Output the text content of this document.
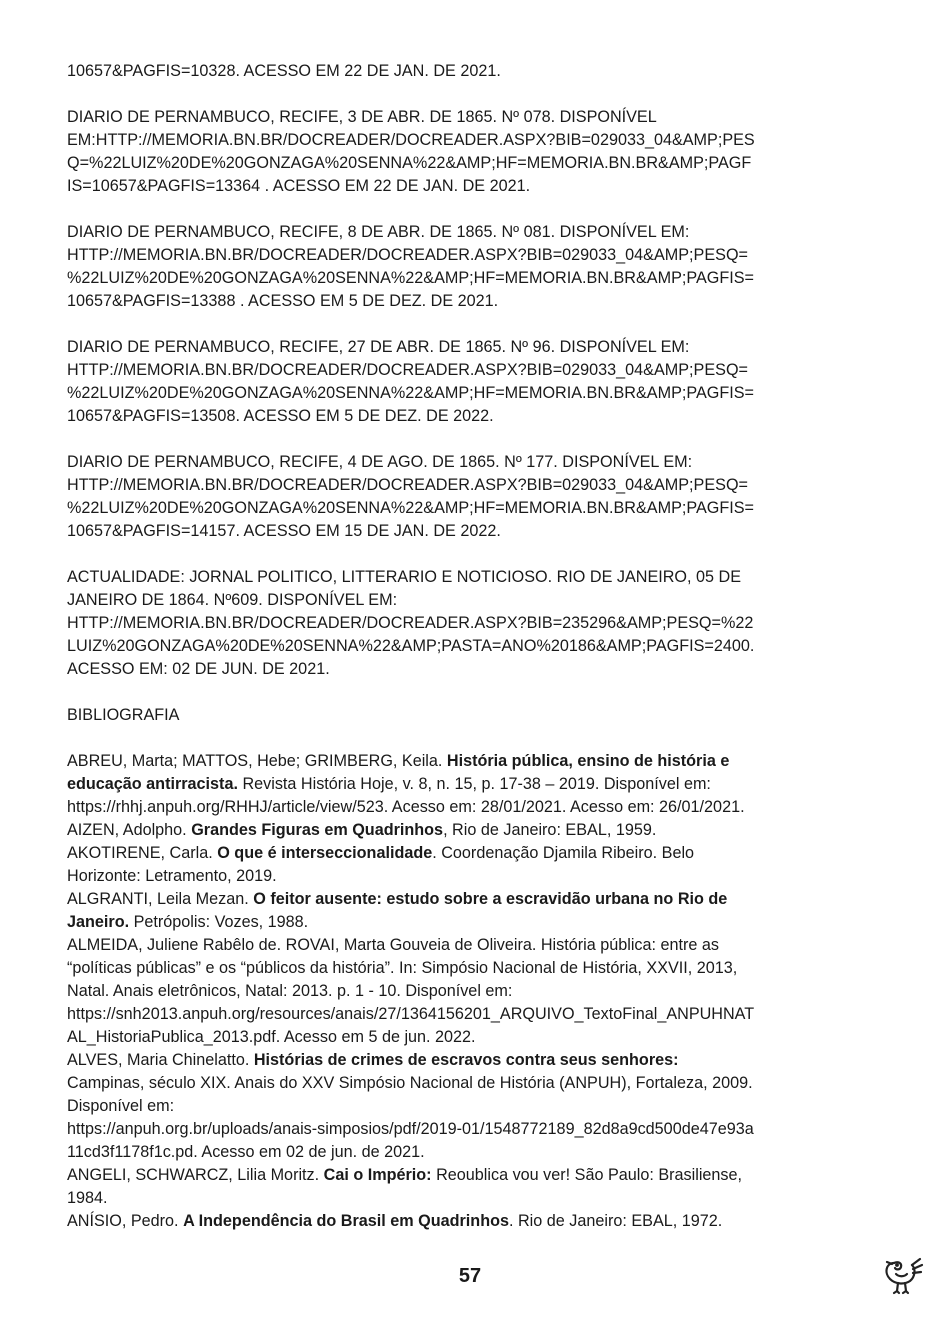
10657&PAGFIS=10328. ACESSO EM 22 DE JAN. DE 2021.

DIARIO DE PERNAMBUCO, RECIFE, 3 DE ABR. DE 1865. Nº 078. DISPONÍVEL
EM:HTTP://MEMORIA.BN.BR/DOCREADER/DOCREADER.ASPX?BIB=029033_04&AMP;PES
Q=%22LUIZ%20DE%20GONZAGA%20SENNA%22&AMP;HF=MEMORIA.BN.BR&AMP;PAGF
IS=10657&PAGFIS=13364 . ACESSO EM 22 DE JAN. DE 2021.

DIARIO DE PERNAMBUCO, RECIFE, 8 DE ABR. DE 1865. Nº 081. DISPONÍVEL EM:
HTTP://MEMORIA.BN.BR/DOCREADER/DOCREADER.ASPX?BIB=029033_04&AMP;PESQ=
%22LUIZ%20DE%20GONZAGA%20SENNA%22&AMP;HF=MEMORIA.BN.BR&AMP;PAGFIS=
10657&PAGFIS=13388 . ACESSO EM 5 DE DEZ. DE 2021.

DIARIO DE PERNAMBUCO, RECIFE, 27 DE ABR. DE 1865. Nº 96. DISPONÍVEL EM:
HTTP://MEMORIA.BN.BR/DOCREADER/DOCREADER.ASPX?BIB=029033_04&AMP;PESQ=
%22LUIZ%20DE%20GONZAGA%20SENNA%22&AMP;HF=MEMORIA.BN.BR&AMP;PAGFIS=
10657&PAGFIS=13508. ACESSO EM 5 DE DEZ. DE 2022.

DIARIO DE PERNAMBUCO, RECIFE, 4 DE AGO. DE 1865. Nº 177. DISPONÍVEL EM:
HTTP://MEMORIA.BN.BR/DOCREADER/DOCREADER.ASPX?BIB=029033_04&AMP;PESQ=
%22LUIZ%20DE%20GONZAGA%20SENNA%22&AMP;HF=MEMORIA.BN.BR&AMP;PAGFIS=
10657&PAGFIS=14157. ACESSO EM 15 DE JAN. DE 2022.

ACTUALIDADE: JORNAL POLITICO, LITTERARIO E NOTICIOSO. RIO DE JANEIRO, 05 DE
JANEIRO DE 1864. Nº609. DISPONÍVEL EM:
HTTP://MEMORIA.BN.BR/DOCREADER/DOCREADER.ASPX?BIB=235296&AMP;PESQ=%22
LUIZ%20GONZAGA%20DE%20SENNA%22&AMP;PASTA=ANO%20186&AMP;PAGFIS=2400.
ACESSO EM: 02 DE JUN. DE 2021.

BIBLIOGRAFIA

ABREU, Marta; MATTOS, Hebe; GRIMBERG, Keila. História pública, ensino de história e
educação antirracista. Revista História Hoje, v. 8, n. 15, p. 17-38 – 2019. Disponível em:
https://rhhj.anpuh.org/RHHJ/article/view/523. Acesso em: 28/01/2021. Acesso em: 26/01/2021.
AIZEN, Adolpho. Grandes Figuras em Quadrinhos, Rio de Janeiro: EBAL, 1959.
AKOTIRENE, Carla. O que é interseccionalidade. Coordenação Djamila Ribeiro. Belo
Horizonte: Letramento, 2019.
ALGRANTI, Leila Mezan. O feitor ausente: estudo sobre a escravidão urbana no Rio de
Janeiro. Petrópolis: Vozes, 1988.
ALMEIDA, Juliene Rabêlo de. ROVAI, Marta Gouveia de Oliveira. História pública: entre as
“políticas públicas” e os “públicos da história”. In: Simpósio Nacional de História, XXVII, 2013,
Natal. Anais eletrônicos, Natal: 2013. p. 1 - 10. Disponível em:
https://snh2013.anpuh.org/resources/anais/27/1364156201_ARQUIVO_TextoFinal_ANPUHNAT
AL_HistoriaPublica_2013.pdf. Acesso em 5 de jun. 2022.
ALVES, Maria Chinelatto. Histórias de crimes de escravos contra seus senhores:
Campinas, século XIX. Anais do XXV Simpósio Nacional de História (ANPUH), Fortaleza, 2009.
Disponível em:
https://anpuh.org.br/uploads/anais-simposios/pdf/2019-01/1548772189_82d8a9cd500de47e93a
11cd3f1178f1c.pd. Acesso em 02 de jun. de 2021.
ANGELI, SCHWARCZ, Lilia Moritz. Cai o Império: Reoublica vou ver! São Paulo: Brasiliense,
1984.
ANÍSIO, Pedro. A Independência do Brasil em Quadrinhos. Rio de Janeiro: EBAL, 1972.
57
